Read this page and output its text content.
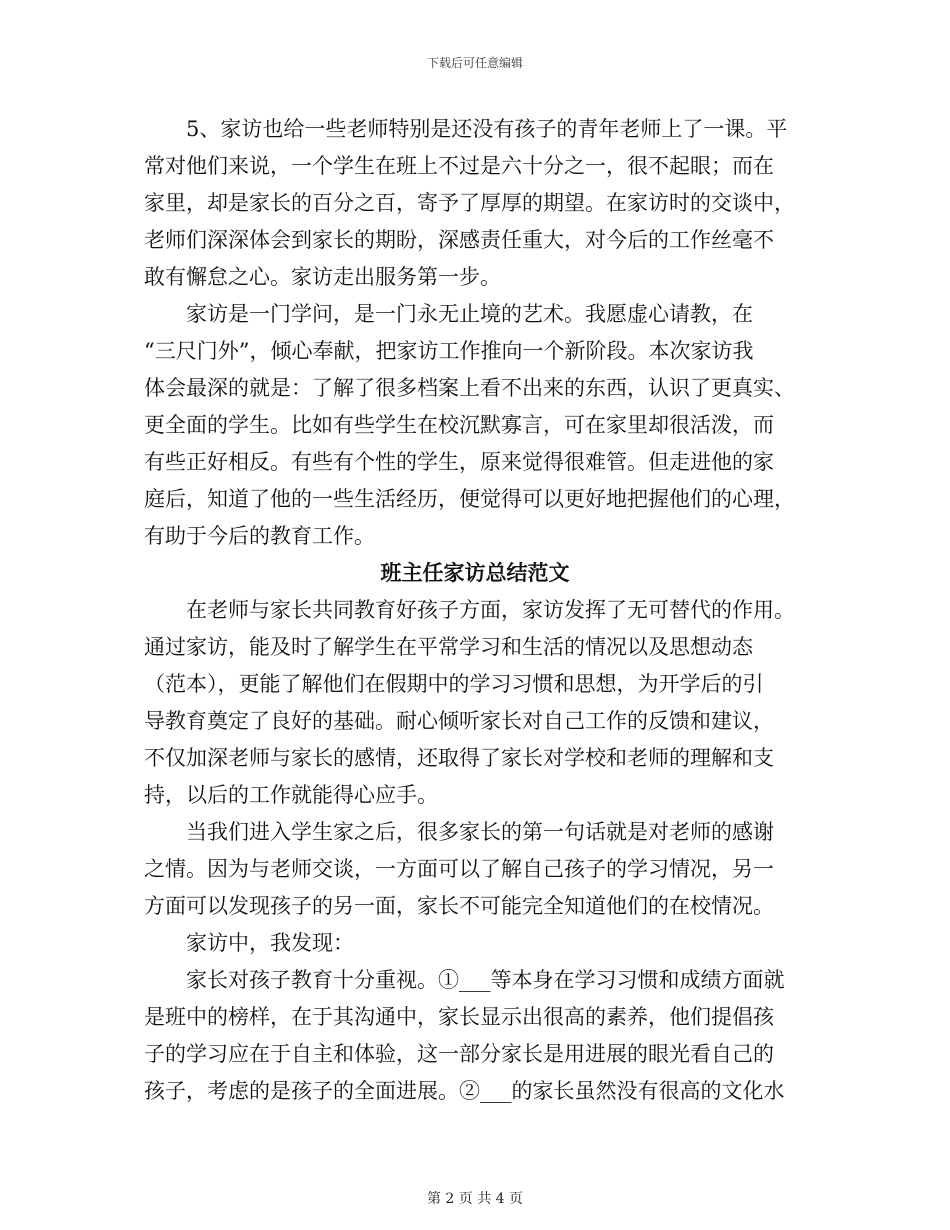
下载后可任意编辑
5、家访也给一些老师特别是还没有孩子的青年老师上了一课。平
常对他们来说，一个学生在班上不过是六十分之一，很不起眼；而在
家里，却是家长的百分之百，寄予了厚厚的期望。在家访时的交谈中，
老师们深深体会到家长的期盼，深感责任重大，对今后的工作丝毫不
敢有懈怠之心。家访走出服务第一步。
家访是一门学问，是一门永无止境的艺术。我愿虚心请教，在
“三尺门外”，倾心奉献，把家访工作推向一个新阶段。本次家访我
体会最深的就是：了解了很多档案上看不出来的东西，认识了更真实、
更全面的学生。比如有些学生在校沉默寡言，可在家里却很活泼，而
有些正好相反。有些有个性的学生，原来觉得很难管。但走进他的家
庭后，知道了他的一些生活经历，便觉得可以更好地把握他们的心理，
有助于今后的教育工作。
班主任家访总结范文
在老师与家长共同教育好孩子方面，家访发挥了无可替代的作用。
通过家访，能及时了解学生在平常学习和生活的情况以及思想动态
（范本），更能了解他们在假期中的学习习惯和思想，为开学后的引
导教育奠定了良好的基础。耐心倾听家长对自己工作的反馈和建议，
不仅加深老师与家长的感情，还取得了家长对学校和老师的理解和支
持，以后的工作就能得心应手。
当我们进入学生家之后，很多家长的第一句话就是对老师的感谢
之情。因为与老师交谈，一方面可以了解自己孩子的学习情况，另一
方面可以发现孩子的另一面，家长不可能完全知道他们的在校情况。
家访中，我发现：
家长对孩子教育十分重视。①___等本身在学习习惯和成绩方面就
是班中的榜样，在于其沟通中，家长显示出很高的素养，他们提倡孩
子的学习应在于自主和体验，这一部分家长是用进展的眼光看自己的
孩子，考虑的是孩子的全面进展。②___的家长虽然没有很高的文化水
第 2 页 共 4 页
